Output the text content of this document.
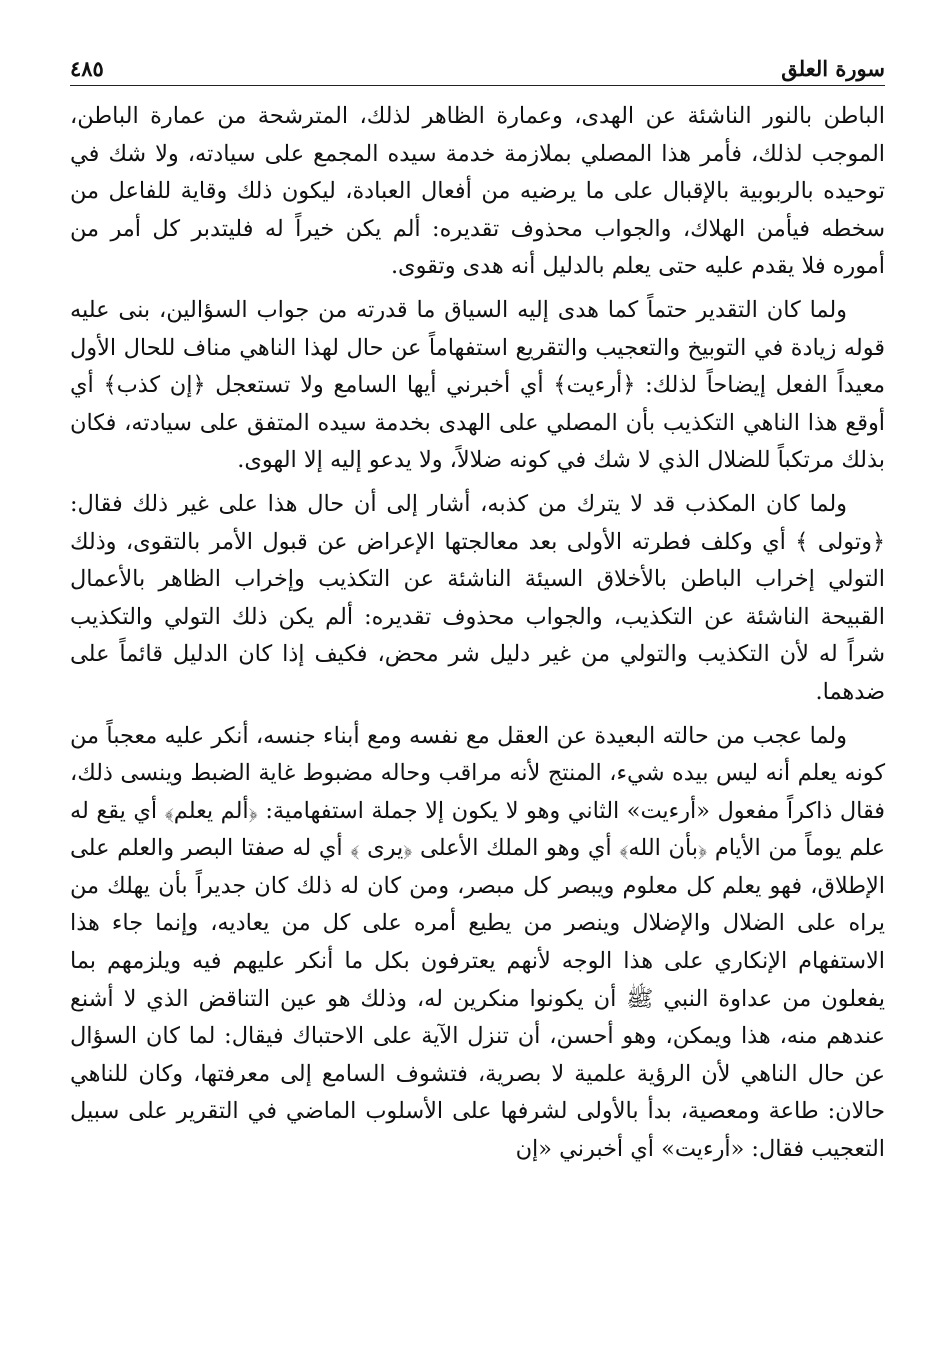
سورة العلق
٤٨٥

الباطن بالنور الناشئة عن الهدى، وعمارة الظاهر لذلك، المترشحة من عمارة الباطن، الموجب لذلك، فأمر هذا المصلي بملازمة خدمة سيده المجمع على سيادته، ولا شك في توحيده بالربوبية بالإقبال على ما يرضيه من أفعال العبادة، ليكون ذلك وقاية للفاعل من سخطه فيأمن الهلاك، والجواب محذوف تقديره: ألم يكن خيراً له فليتدبر كل أمر من أموره فلا يقدم عليه حتى يعلم بالدليل أنه هدى وتقوى.

ولما كان التقدير حتماً كما هدى إليه السياق ما قدرته من جواب السؤالين، بنى عليه قوله زيادة في التوبيخ والتعجيب والتقريع استفهاماً عن حال لهذا الناهي مناف للحال الأول معيداً الفعل إيضاحاً لذلك: ﴿أرءيت﴾ أي أخبرني أيها السامع ولا تستعجل ﴿إن كذب﴾ أي أوقع هذا الناهي التكذيب بأن المصلي على الهدى بخدمة سيده المتفق على سيادته، فكان بذلك مرتكباً للضلال الذي لا شك في كونه ضلالاً، ولا يدعو إليه إلا الهوى.

ولما كان المكذب قد لا يترك من كذبه، أشار إلى أن حال هذا على غير ذلك فقال: ﴿وتولى ﴾ أي وكلف فطرته الأولى بعد معالجتها الإعراض عن قبول الأمر بالتقوى، وذلك التولي إخراب الباطن بالأخلاق السيئة الناشئة عن التكذيب وإخراب الظاهر بالأعمال القبيحة الناشئة عن التكذيب، والجواب محذوف تقديره: ألم يكن ذلك التولي والتكذيب شراً له لأن التكذيب والتولي من غير دليل شر محض، فكيف إذا كان الدليل قائماً على ضدهما.

ولما عجب من حالته البعيدة عن العقل مع نفسه ومع أبناء جنسه، أنكر عليه معجباً من كونه يعلم أنه ليس بيده شيء، المنتج لأنه مراقب وحاله مضبوط غاية الضبط وينسى ذلك، فقال ذاكراً مفعول «أرءيت» الثاني وهو لا يكون إلا جملة استفهامية: ﴿ألم يعلم﴾ أي يقع له علم يوماً من الأيام ﴿بأن الله﴾ أي وهو الملك الأعلى ﴿يرى ﴾ أي له صفتا البصر والعلم على الإطلاق، فهو يعلم كل معلوم ويبصر كل مبصر، ومن كان له ذلك كان جديراً بأن يهلك من يراه على الضلال والإضلال وينصر من يطيع أمره على كل من يعاديه، وإنما جاء هذا الاستفهام الإنكاري على هذا الوجه لأنهم يعترفون بكل ما أنكر عليهم فيه ويلزمهم بما يفعلون من عداوة النبي ﷺ أن يكونوا منكرين له، وذلك هو عين التناقض الذي لا أشنع عندهم منه، هذا ويمكن، وهو أحسن، أن تنزل الآية على الاحتباك فيقال: لما كان السؤال عن حال الناهي لأن الرؤية علمية لا بصرية، فتشوف السامع إلى معرفتها، وكان للناهي حالان: طاعة ومعصية، بدأ بالأولى لشرفها على الأسلوب الماضي في التقرير على سبيل التعجيب فقال: «أرءيت» أي أخبرني «إن
